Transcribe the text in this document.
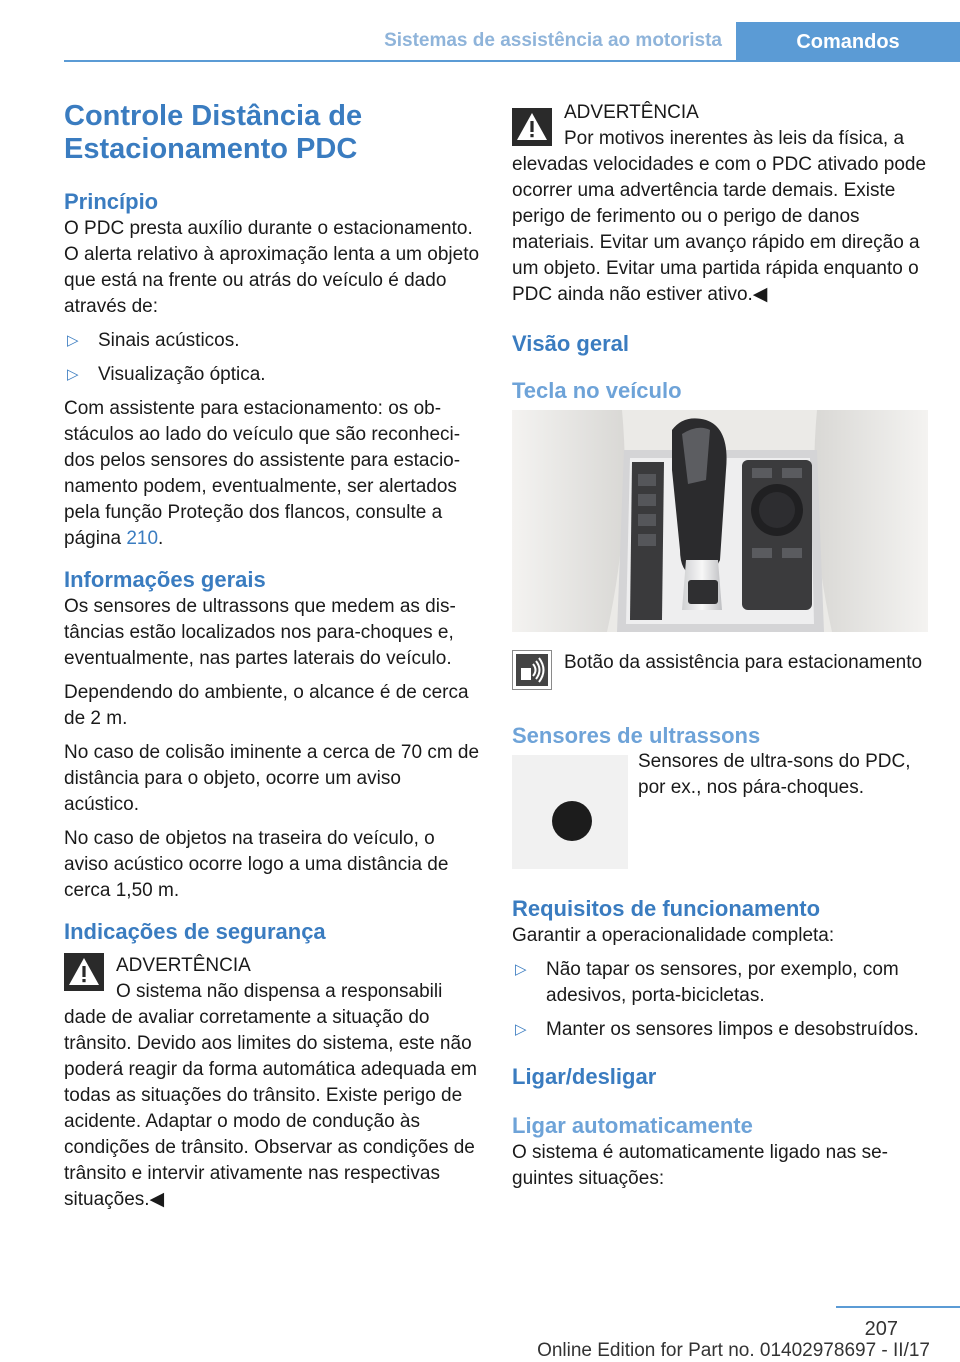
Sistemas de assistência ao motorista	Comandos
Controle Distância de Estacionamento PDC
Princípio

O PDC presta auxílio durante o estacionamento. O alerta relativo à aproximação lenta a um objeto que está na frente ou atrás do veículo é dado através de:

▷ Sinais acústicos.
▷ Visualização óptica.

Com assistente para estacionamento: os obstáculos ao lado do veículo que são reconhecidos pelos sensores do assistente para estacionamento podem, eventualmente, ser alertados pela função Proteção dos flancos, consulte a página 210.

Informações gerais

Os sensores de ultrassons que medem as distâncias estão localizados nos para-choques e, eventualmente, nas partes laterais do veículo.

Dependendo do ambiente, o alcance é de cerca de 2 m.

No caso de colisão iminente a cerca de 70 cm de distância para o objeto, ocorre um aviso acústico.

No caso de objetos na traseira do veículo, o aviso acústico ocorre logo a uma distância de cerca 1,50 m.

Indicações de segurança
ADVERTÊNCIA
O sistema não dispensa a responsabili
dade de avaliar corretamente a situação do trânsito. Devido aos limites do sistema, este não poderá reagir da forma automática adequada em todas as situações do trânsito. Existe perigo de acidente. Adaptar o modo de condução às condições de trânsito. Observar as condições de trânsito e intervir ativamente nas respectivas situações.◀
ADVERTÊNCIA
Por motivos inerentes às leis da física, a
elevadas velocidades e com o PDC ativado pode ocorrer uma advertência tarde demais. Existe perigo de ferimento ou o perigo de danos materiais. Evitar um avanço rápido em direção a um objeto. Evitar uma partida rápida enquanto o PDC ainda não estiver ativo.◀
Visão geral
Tecla no veículo
Botão da assistência para estacionamento
Sensores de ultrassons
Sensores de ultra-sons do PDC, por ex., nos pára-choques.
Requisitos de funcionamento

Garantir a operacionalidade completa:

▷ Não tapar os sensores, por exemplo, com adesivos, porta-bicicletas.
▷ Manter os sensores limpos e desobstruídos.
Ligar/desligar
Ligar automaticamente

O sistema é automaticamente ligado nas seguintes situações:

207
Online Edition for Part no. 01402978697 - II/17
